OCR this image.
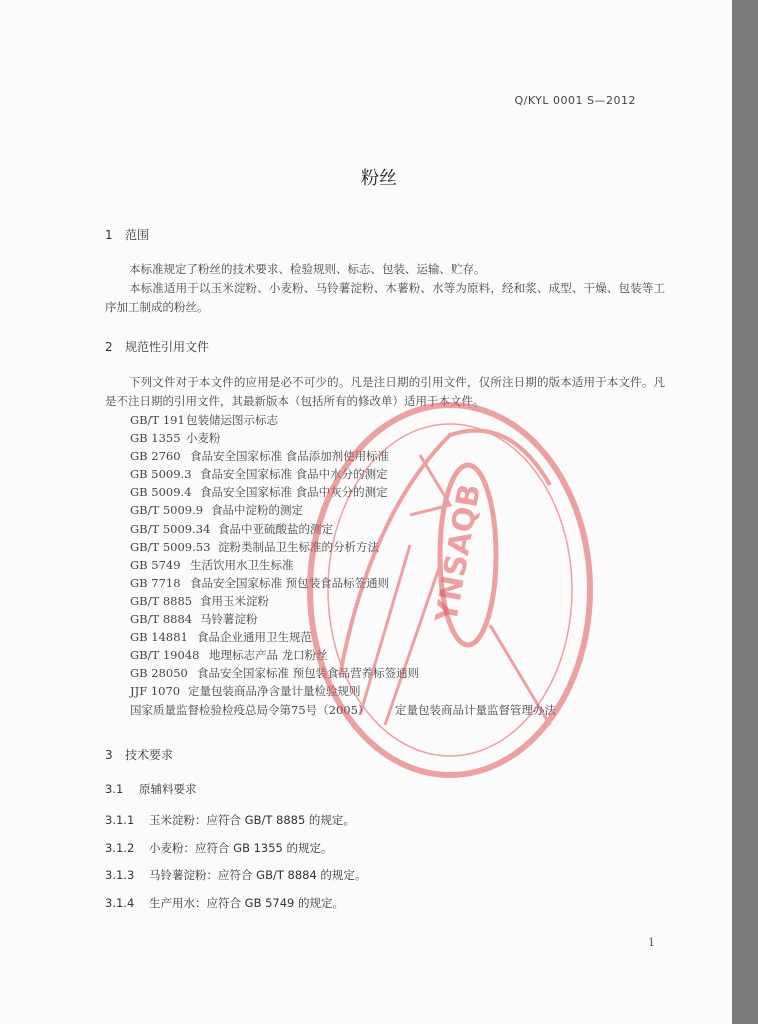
Q/KYL 0001 S—2012
粉丝
1 范围

本标准规定了粉丝的技术要求、检验规则、标志、包装、运输、贮存。

本标准适用于以玉米淀粉、小麦粉、马铃薯淀粉、木薯粉、水等为原料，经和浆、成型、干燥、包装等工序加工制成的粉丝。

2 规范性引用文件

下列文件对于本文件的应用是必不可少的。凡是注日期的引用文件，仅所注日期的版本适用于本文件。凡是不注日期的引用文件，其最新版本（包括所有的修改单）适用于本文件。

GB/T 191包装储运图示标志
GB 1355 小麦粉
GB 2760 食品安全国家标准 食品添加剂使用标准
GB 5009.3 食品安全国家标准 食品中水分的测定
GB 5009.4 食品安全国家标准 食品中灰分的测定
GB/T 5009.9 食品中淀粉的测定
GB/T 5009.34 食品中亚硫酸盐的测定
GB/T 5009.53 淀粉类制品卫生标准的分析方法
GB 5749 生活饮用水卫生标准
GB 7718 食品安全国家标准 预包装食品标签通则
GB/T 8885 食用玉米淀粉
GB/T 8884 马铃薯淀粉
GB 14881 食品企业通用卫生规范
GB/T 19048 地理标志产品 龙口粉丝
GB 28050 食品安全国家标准 预包装食品营养标签通则
JJF 1070 定量包装商品净含量计量检验规则
国家质量监督检验检疫总局令第75号（2005） 定量包装商品计量监督管理办法
3 技术要求
3.1 原辅料要求
3.1.1 玉米淀粉：应符合 GB/T 8885 的规定。
3.1.2 小麦粉：应符合 GB 1355 的规定。
3.1.3 马铃薯淀粉：应符合 GB/T 8884 的规定。
3.1.4 生产用水：应符合 GB 5749 的规定。
1
YNSAQB
